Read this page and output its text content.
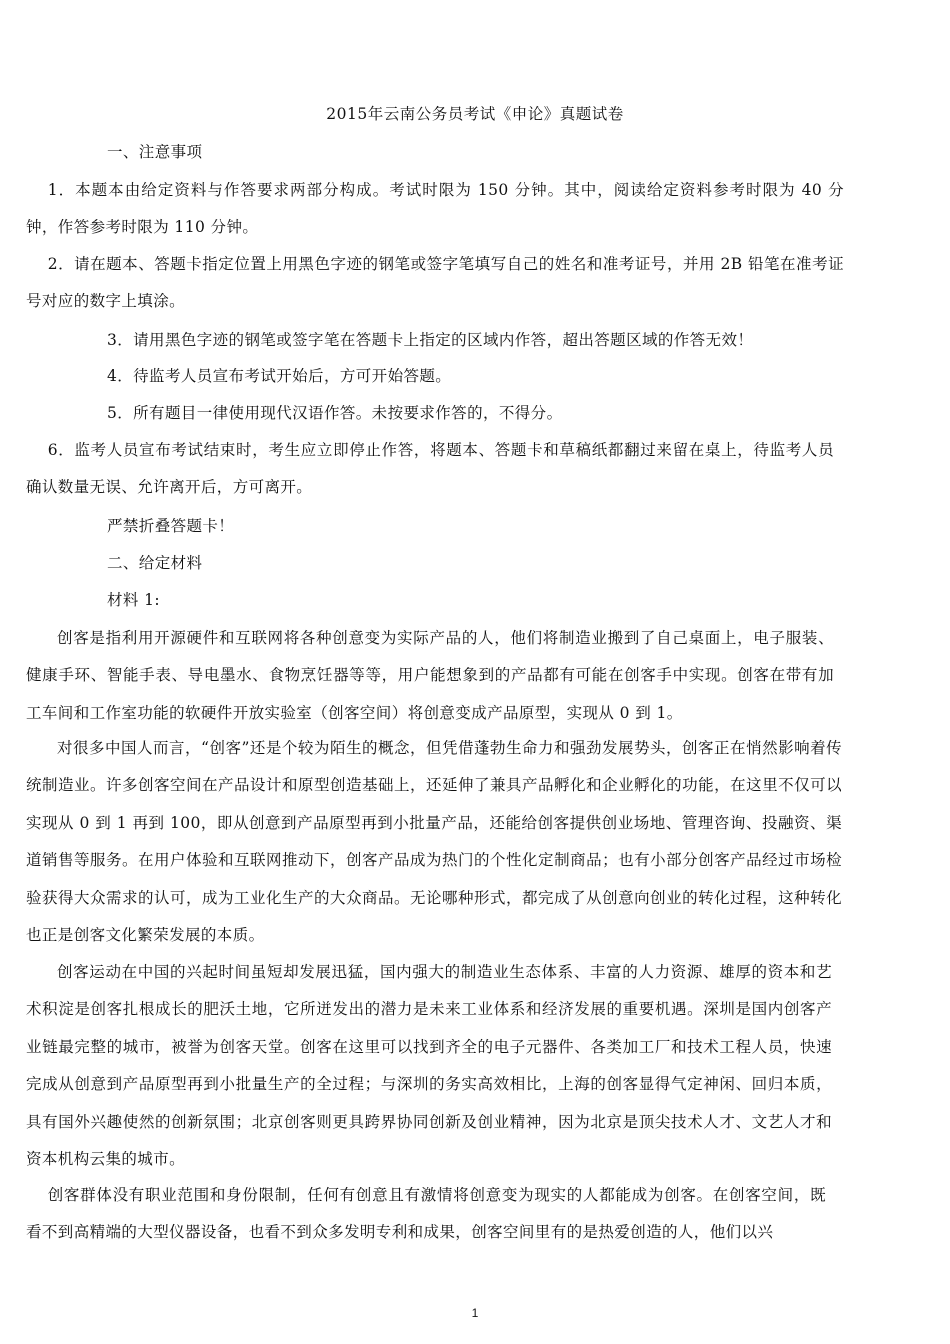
2015年云南公务员考试《申论》真题试卷
一、注意事项
1．本题本由给定资料与作答要求两部分构成。考试时限为 150 分钟。其中，阅读给定资料参考时限为 40 分钟，作答参考时限为 110 分钟。
2．请在题本、答题卡指定位置上用黑色字迹的钢笔或签字笔填写自己的姓名和准考证号，并用 2B 铅笔在准考证号对应的数字上填涂。
3．请用黑色字迹的钢笔或签字笔在答题卡上指定的区域内作答，超出答题区域的作答无效！
4．待监考人员宣布考试开始后，方可开始答题。
5．所有题目一律使用现代汉语作答。未按要求作答的，不得分。
6．监考人员宣布考试结束时，考生应立即停止作答，将题本、答题卡和草稿纸都翻过来留在桌上，待监考人员确认数量无误、允许离开后，方可离开。
严禁折叠答题卡！
二、给定材料
材料 1:
创客是指利用开源硬件和互联网将各种创意变为实际产品的人，他们将制造业搬到了自己桌面上，电子服装、健康手环、智能手表、导电墨水、食物烹饪器等等，用户能想象到的产品都有可能在创客手中实现。创客在带有加工车间和工作室功能的软硬件开放实验室（创客空间）将创意变成产品原型，实现从 0 到 1。
对很多中国人而言，“创客”还是个较为陌生的概念，但凭借蓬勃生命力和强劲发展势头，创客正在悄然影响着传统制造业。许多创客空间在产品设计和原型创造基础上，还延伸了兼具产品孵化和企业孵化的功能，在这里不仅可以实现从 0 到 1 再到 100，即从创意到产品原型再到小批量产品，还能给创客提供创业场地、管理咨询、投融资、渠道销售等服务。在用户体验和互联网推动下，创客产品成为热门的个性化定制商品；也有小部分创客产品经过市场检验获得大众需求的认可，成为工业化生产的大众商品。无论哪种形式，都完成了从创意向创业的转化过程，这种转化也正是创客文化繁荣发展的本质。
创客运动在中国的兴起时间虽短却发展迅猛，国内强大的制造业生态体系、丰富的人力资源、雄厚的资本和艺术积淀是创客扎根成长的肥沃土地，它所迸发出的潜力是未来工业体系和经济发展的重要机遇。深圳是国内创客产业链最完整的城市，被誉为创客天堂。创客在这里可以找到齐全的电子元器件、各类加工厂和技术工程人员，快速完成从创意到产品原型再到小批量生产的全过程；与深圳的务实高效相比，上海的创客显得气定神闲、回归本质，具有国外兴趣使然的创新氛围；北京创客则更具跨界协同创新及创业精神，因为北京是顶尖技术人才、文艺人才和资本机构云集的城市。
创客群体没有职业范围和身份限制，任何有创意且有激情将创意变为现实的人都能成为创客。在创客空间，既看不到高精端的大型仪器设备，也看不到众多发明专利和成果，创客空间里有的是热爱创造的人，他们以兴
1
